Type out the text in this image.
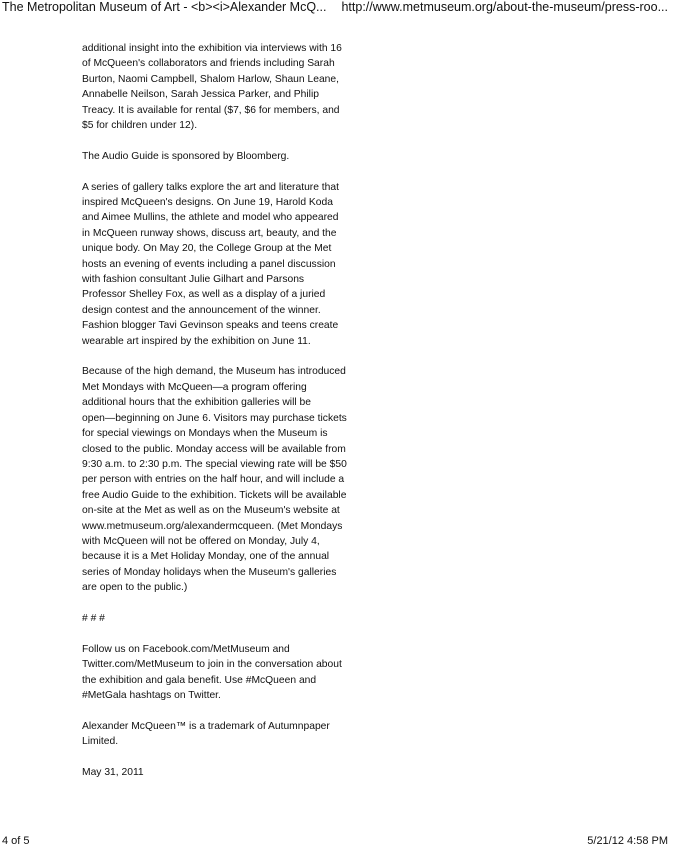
The Metropolitan Museum of Art - <b><i>Alexander McQ... http://www.metmuseum.org/about-the-museum/press-roo...

additional insight into the exhibition via interviews with 16
of McQueen's collaborators and friends including Sarah
Burton, Naomi Campbell, Shalom Harlow, Shaun Leane,
Annabelle Neilson, Sarah Jessica Parker, and Philip
Treacy. It is available for rental ($7, $6 for members, and
$5 for children under 12).

The Audio Guide is sponsored by Bloomberg.

A series of gallery talks explore the art and literature that
inspired McQueen's designs. On June 19, Harold Koda
and Aimee Mullins, the athlete and model who appeared
in McQueen runway shows, discuss art, beauty, and the
unique body. On May 20, the College Group at the Met
hosts an evening of events including a panel discussion
with fashion consultant Julie Gilhart and Parsons
Professor Shelley Fox, as well as a display of a juried
design contest and the announcement of the winner.
Fashion blogger Tavi Gevinson speaks and teens create
wearable art inspired by the exhibition on June 11.

Because of the high demand, the Museum has introduced
Met Mondays with McQueen—a program offering
additional hours that the exhibition galleries will be
open—beginning on June 6. Visitors may purchase tickets
for special viewings on Mondays when the Museum is
closed to the public. Monday access will be available from
9:30 a.m. to 2:30 p.m. The special viewing rate will be $50
per person with entries on the half hour, and will include a
free Audio Guide to the exhibition. Tickets will be available
on-site at the Met as well as on the Museum's website at
www.metmuseum.org/alexandermcqueen. (Met Mondays
with McQueen will not be offered on Monday, July 4,
because it is a Met Holiday Monday, one of the annual
series of Monday holidays when the Museum's galleries
are open to the public.)

# # #

Follow us on Facebook.com/MetMuseum and
Twitter.com/MetMuseum to join in the conversation about
the exhibition and gala benefit. Use #McQueen and
#MetGala hashtags on Twitter.

Alexander McQueen™ is a trademark of Autumnpaper
Limited.

May 31, 2011

4 of 5	5/21/12 4:58 PM
